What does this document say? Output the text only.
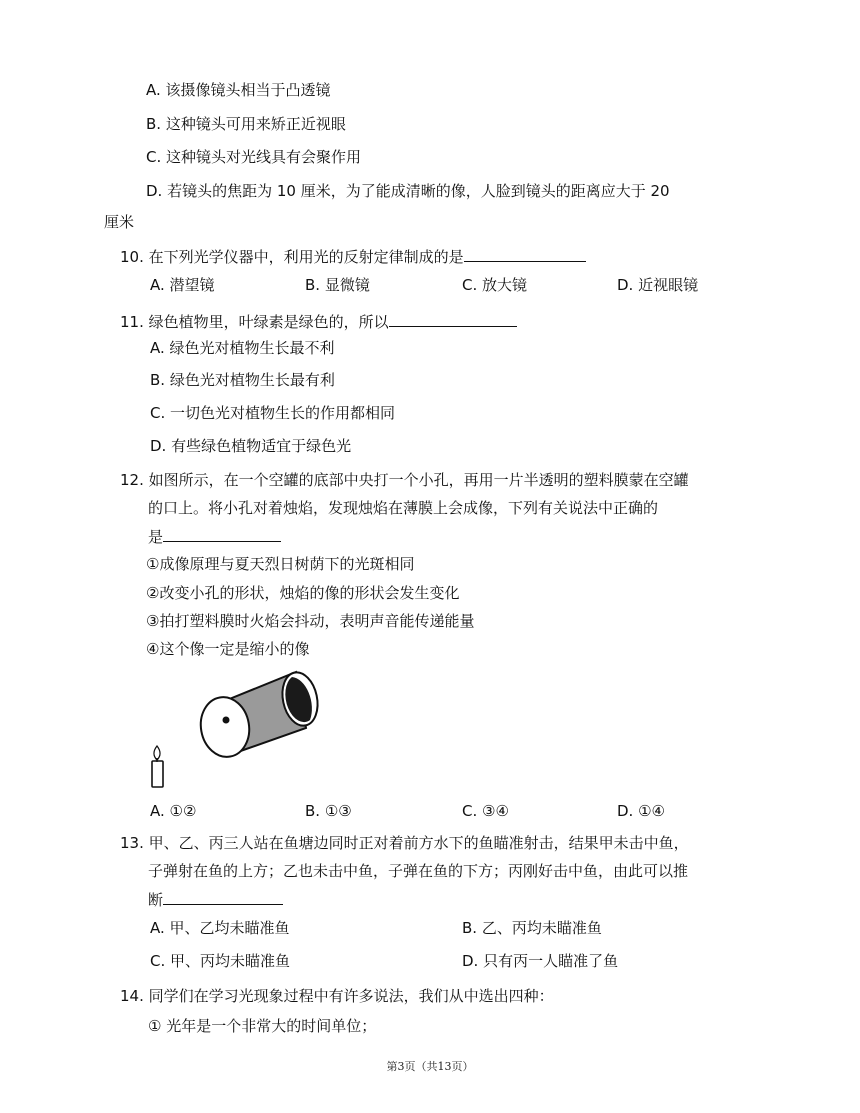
A. 该摄像镜头相当于凸透镜
B. 这种镜头可用来矫正近视眼
C. 这种镜头对光线具有会聚作用
D. 若镜头的焦距为 10 厘米，为了能成清晰的像，人脸到镜头的距离应大于 20
厘米
10. 在下列光学仪器中，利用光的反射定律制成的是
A. 潜望镜	B. 显微镜	C. 放大镜	D. 近视眼镜
11. 绿色植物里，叶绿素是绿色的，所以
A. 绿色光对植物生长最不利
B. 绿色光对植物生长最有利
C. 一切色光对植物生长的作用都相同
D. 有些绿色植物适宜于绿色光
12. 如图所示，在一个空罐的底部中央打一个小孔，再用一片半透明的塑料膜蒙在空罐
的口上。将小孔对着烛焰，发现烛焰在薄膜上会成像，下列有关说法中正确的
是
①成像原理与夏天烈日树荫下的光斑相同
②改变小孔的形状，烛焰的像的形状会发生变化
③拍打塑料膜时火焰会抖动，表明声音能传递能量
④这个像一定是缩小的像
A. ①②	B. ①③	C. ③④	D. ①④
13. 甲、乙、丙三人站在鱼塘边同时正对着前方水下的鱼瞄准射击，结果甲未击中鱼，
子弹射在鱼的上方；乙也未击中鱼，子弹在鱼的下方；丙刚好击中鱼，由此可以推
断
A. 甲、乙均未瞄准鱼	B. 乙、丙均未瞄准鱼
C. 甲、丙均未瞄准鱼	D. 只有丙一人瞄准了鱼
14. 同学们在学习光现象过程中有许多说法，我们从中选出四种：
① 光年是一个非常大的时间单位；
第3页（共13页）
